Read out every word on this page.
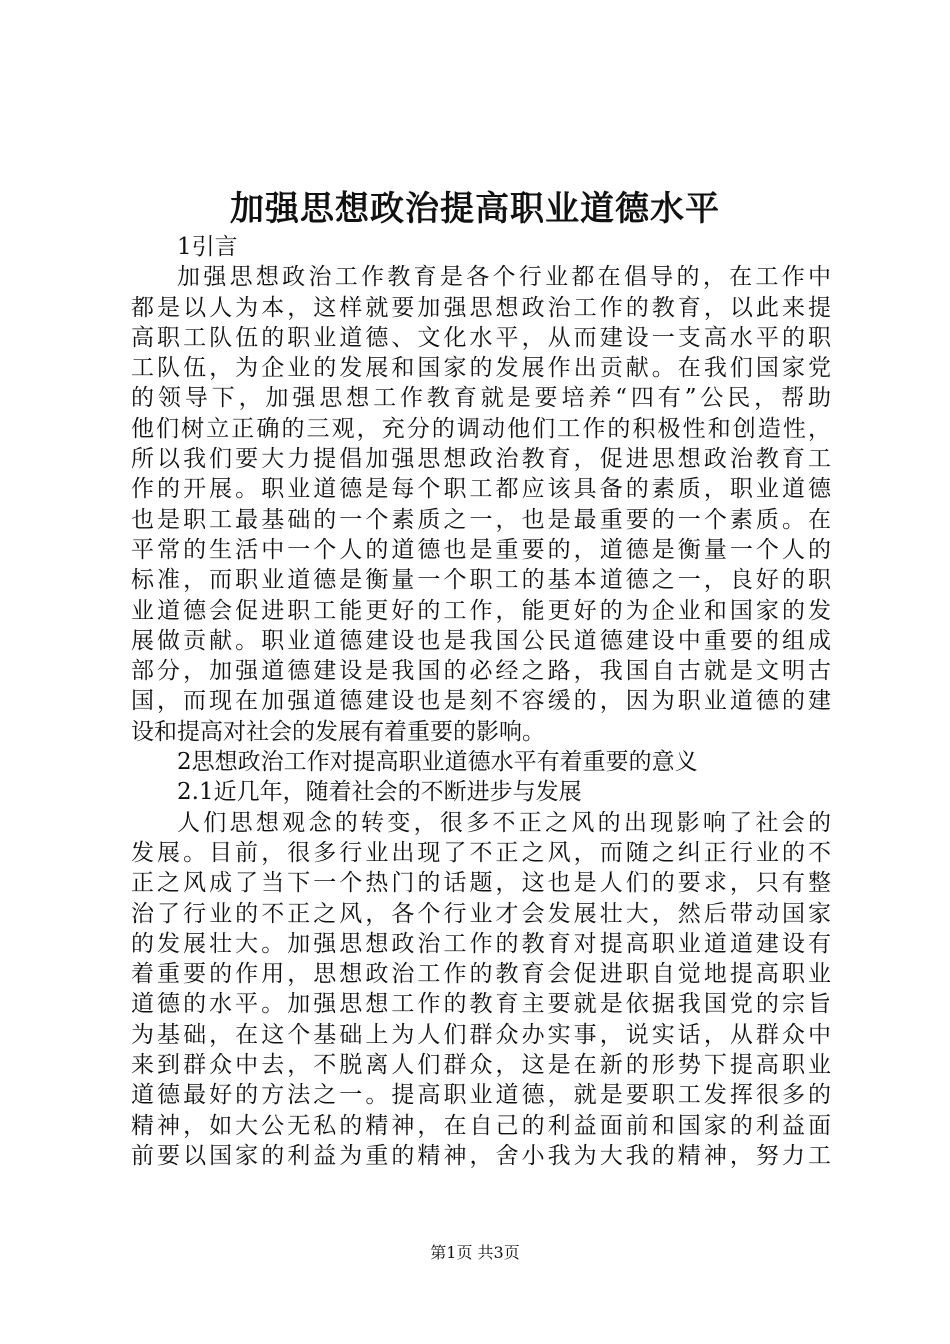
加强思想政治提高职业道德水平
1引言
加强思想政治工作教育是各个行业都在倡导的，在工作中
都是以人为本，这样就要加强思想政治工作的教育，以此来提
高职工队伍的职业道德、文化水平，从而建设一支高水平的职
工队伍，为企业的发展和国家的发展作出贡献。在我们国家党
的领导下，加强思想工作教育就是要培养“四有”公民，帮助
他们树立正确的三观，充分的调动他们工作的积极性和创造性，
所以我们要大力提倡加强思想政治教育，促进思想政治教育工
作的开展。职业道德是每个职工都应该具备的素质，职业道德
也是职工最基础的一个素质之一，也是最重要的一个素质。在
平常的生活中一个人的道德也是重要的，道德是衡量一个人的
标准，而职业道德是衡量一个职工的基本道德之一，良好的职
业道德会促进职工能更好的工作，能更好的为企业和国家的发
展做贡献。职业道德建设也是我国公民道德建设中重要的组成
部分，加强道德建设是我国的必经之路，我国自古就是文明古
国，而现在加强道德建设也是刻不容缓的，因为职业道德的建
设和提高对社会的发展有着重要的影响。
2思想政治工作对提高职业道德水平有着重要的意义
2.1近几年，随着社会的不断进步与发展
人们思想观念的转变，很多不正之风的出现影响了社会的
发展。目前，很多行业出现了不正之风，而随之纠正行业的不
正之风成了当下一个热门的话题，这也是人们的要求，只有整
治了行业的不正之风，各个行业才会发展壮大，然后带动国家
的发展壮大。加强思想政治工作的教育对提高职业道道建设有
着重要的作用，思想政治工作的教育会促进职自觉地提高职业
道德的水平。加强思想工作的教育主要就是依据我国党的宗旨
为基础，在这个基础上为人们群众办实事，说实话，从群众中
来到群众中去，不脱离人们群众，这是在新的形势下提高职业
道德最好的方法之一。提高职业道德，就是要职工发挥很多的
精神，如大公无私的精神，在自己的利益面前和国家的利益面
前要以国家的利益为重的精神，舍小我为大我的精神，努力工
第1页 共3页
